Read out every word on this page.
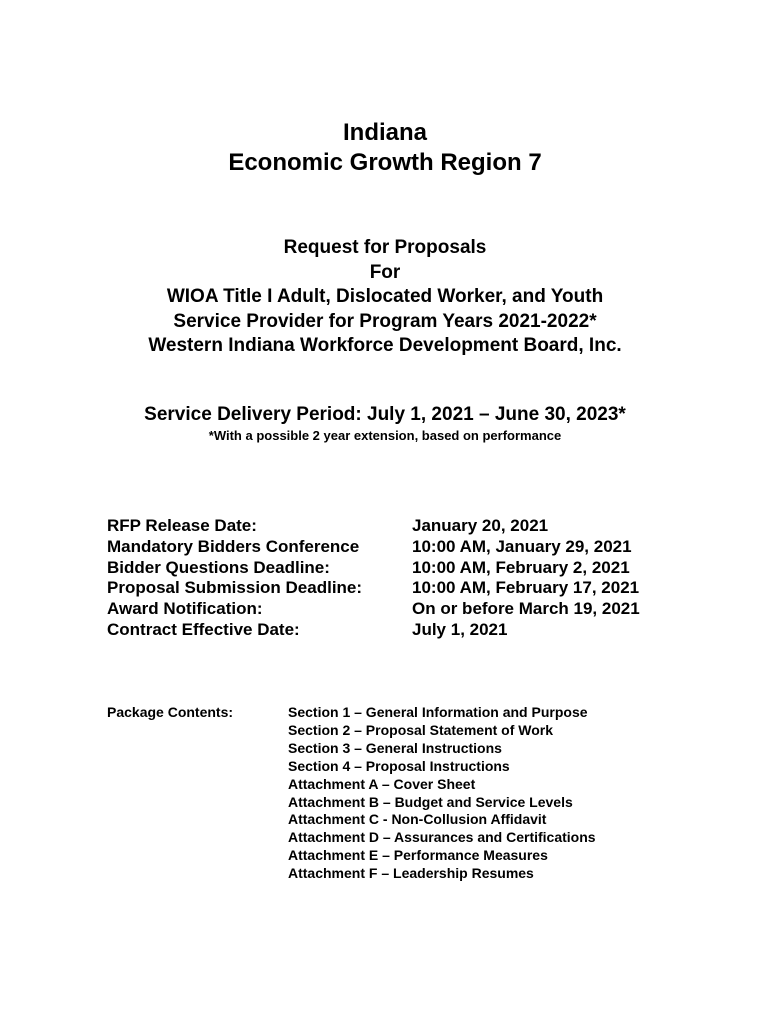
Indiana
Economic Growth Region 7
Request for Proposals
For
WIOA Title I Adult, Dislocated Worker, and Youth
Service Provider for Program Years 2021-2022*
Western Indiana Workforce Development Board, Inc.
Service Delivery Period: July 1, 2021 – June 30, 2023*
*With a possible 2 year extension, based on performance
RFP Release Date:	January 20, 2021
Mandatory Bidders Conference	10:00 AM, January 29, 2021
Bidder Questions Deadline:	10:00 AM, February 2, 2021
Proposal Submission Deadline:	10:00 AM, February 17, 2021
Award Notification:	On or before March 19, 2021
Contract Effective Date:	July 1, 2021
Package Contents:	Section 1 – General Information and Purpose
Section 2 – Proposal Statement of Work
Section 3 – General Instructions
Section 4 – Proposal Instructions
Attachment A – Cover Sheet
Attachment B – Budget and Service Levels
Attachment C - Non-Collusion Affidavit
Attachment D – Assurances and Certifications
Attachment E – Performance Measures
Attachment F – Leadership Resumes
